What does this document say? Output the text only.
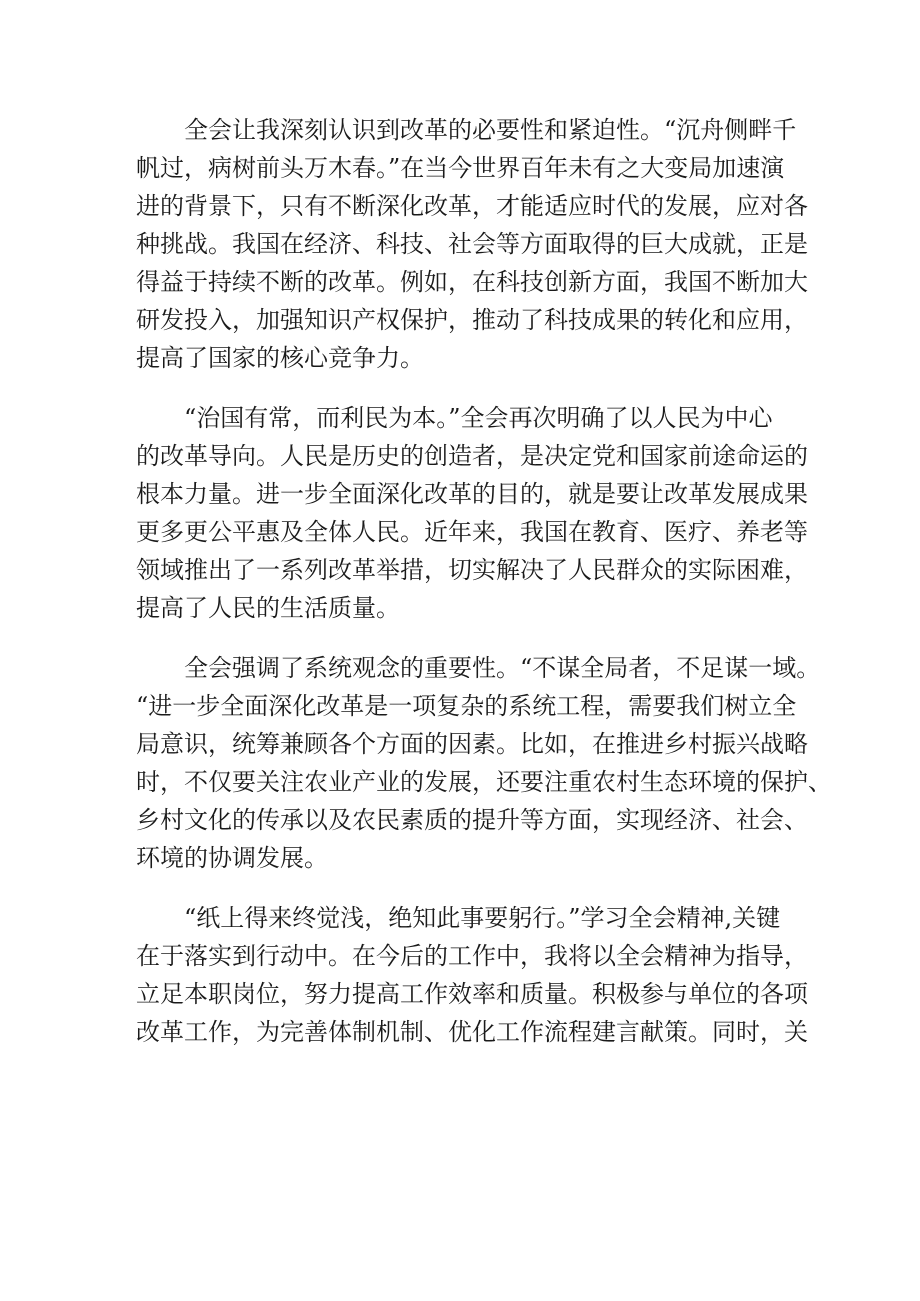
全会让我深刻认识到改革的必要性和紧迫性。“沉舟侧畔千
帆过，病树前头万木春。”在当今世界百年未有之大变局加速演
进的背景下，只有不断深化改革，才能适应时代的发展，应对各
种挑战。我国在经济、科技、社会等方面取得的巨大成就，正是
得益于持续不断的改革。例如，在科技创新方面，我国不断加大
研发投入，加强知识产权保护，推动了科技成果的转化和应用，
提高了国家的核心竞争力。
“治国有常，而利民为本。”全会再次明确了以人民为中心
的改革导向。人民是历史的创造者，是决定党和国家前途命运的
根本力量。进一步全面深化改革的目的，就是要让改革发展成果
更多更公平惠及全体人民。近年来，我国在教育、医疗、养老等
领域推出了一系列改革举措，切实解决了人民群众的实际困难，
提高了人民的生活质量。
全会强调了系统观念的重要性。“不谋全局者，不足谋一域。
“进一步全面深化改革是一项复杂的系统工程，需要我们树立全
局意识，统筹兼顾各个方面的因素。比如，在推进乡村振兴战略
时，不仅要关注农业产业的发展，还要注重农村生态环境的保护、
乡村文化的传承以及农民素质的提升等方面，实现经济、社会、
环境的协调发展。
“纸上得来终觉浅，绝知此事要躬行。”学习全会精神,关键
在于落实到行动中。在今后的工作中，我将以全会精神为指导，
立足本职岗位，努力提高工作效率和质量。积极参与单位的各项
改革工作，为完善体制机制、优化工作流程建言献策。同时，关
